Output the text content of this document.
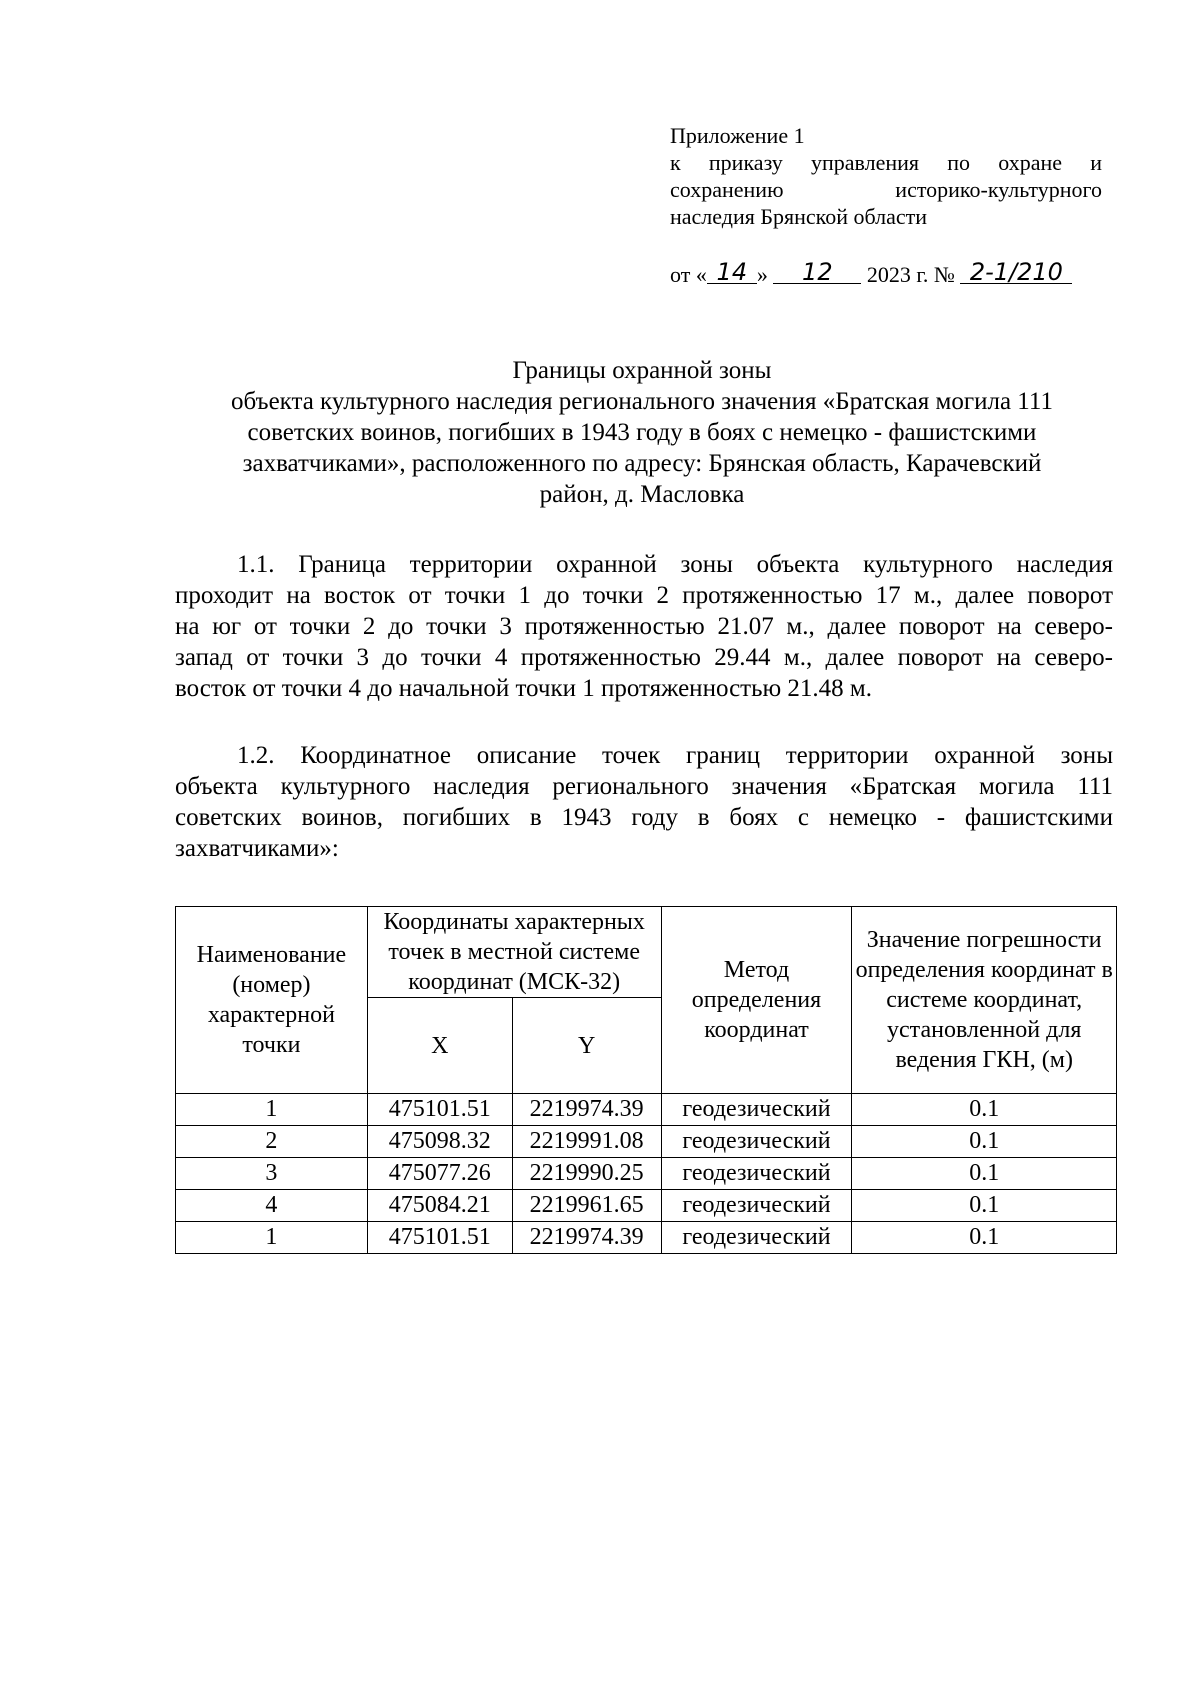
Приложение 1
к приказу управления по охране и
сохранению историко-культурного
наследия Брянской области
от « 14 » 12 2023 г. № 2-1/210
Границы охранной зоны
объекта культурного наследия регионального значения «Братская могила 111
советских воинов, погибших в 1943 году в боях с немецко - фашистскими
захватчиками», расположенного по адресу: Брянская область, Карачевский
район, д. Масловка
1.1. Граница территории охранной зоны объекта культурного наследия
проходит на восток от точки 1 до точки 2 протяженностью 17 м., далее поворот
на юг от точки 2 до точки 3 протяженностью 21.07 м., далее поворот на северо-
запад от точки 3 до точки 4 протяженностью 29.44 м., далее поворот на северо-
восток от точки 4 до начальной точки 1 протяженностью 21.48 м.
1.2. Координатное описание точек границ территории охранной зоны
объекта культурного наследия регионального значения «Братская могила 111
советских воинов, погибших в 1943 году в боях с немецко - фашистскими
захватчиками»:
Наименование (номер) характерной точки	Координаты характерных точек в местной системе координат (МСК-32)		Метод определения координат	Значение погрешности определения координат в системе координат, установленной для ведения ГКН, (м)
	X	Y		
1	475101.51	2219974.39	геодезический	0.1
2	475098.32	2219991.08	геодезический	0.1
3	475077.26	2219990.25	геодезический	0.1
4	475084.21	2219961.65	геодезический	0.1
1	475101.51	2219974.39	геодезический	0.1
